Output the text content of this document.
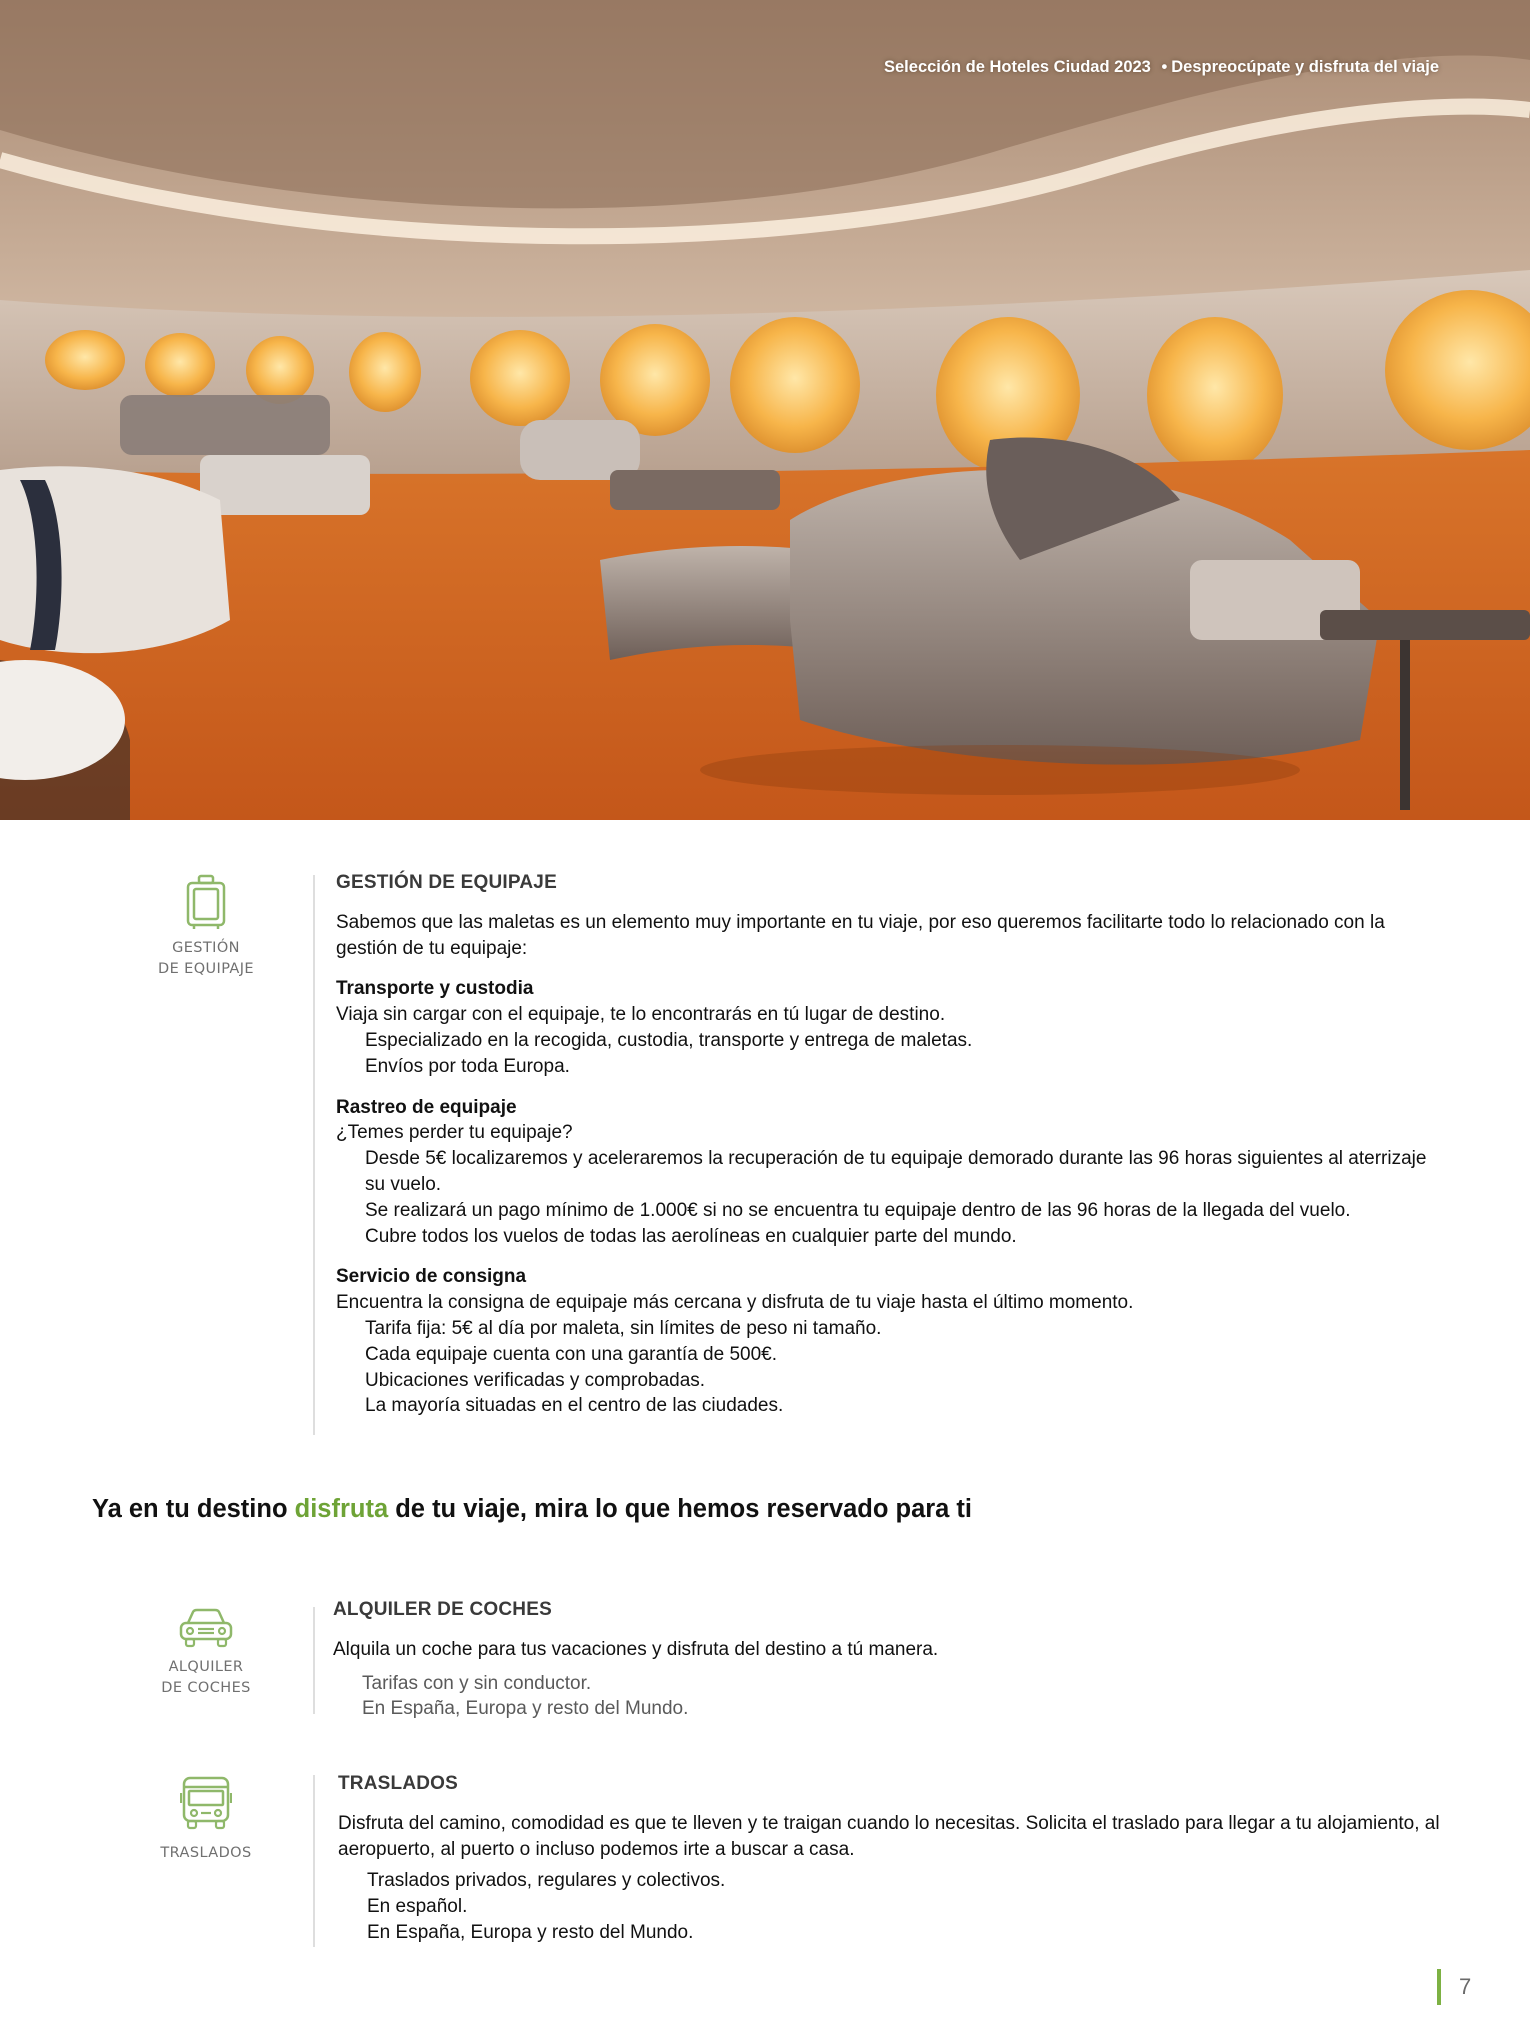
Selección de Hoteles Ciudad 2023 • Despreocúpate y disfruta del viaje
GESTIÓN
DE EQUIPAJE
GESTIÓN DE EQUIPAJE

Sabemos que las maletas es un elemento muy importante en tu viaje, por eso queremos facilitarte todo lo relacionado con la gestión de tu equipaje:

Transporte y custodia
Viaja sin cargar con el equipaje, te lo encontrarás en tú lugar de destino.
Especializado en la recogida, custodia, transporte y entrega de maletas.
Envíos por toda Europa.
Rastreo de equipaje
¿Temes perder tu equipaje?
Desde 5€ localizaremos y aceleraremos la recuperación de tu equipaje demorado durante las 96 horas siguientes al aterrizaje su vuelo.
Se realizará un pago mínimo de 1.000€ si no se encuentra tu equipaje dentro de las 96 horas de la llegada del vuelo.
Cubre todos los vuelos de todas las aerolíneas en cualquier parte del mundo.
Servicio de consigna
Encuentra la consigna de equipaje más cercana y disfruta de tu viaje hasta el último momento.
Tarifa fija: 5€ al día por maleta, sin límites de peso ni tamaño.
Cada equipaje cuenta con una garantía de 500€.
Ubicaciones verificadas y comprobadas.
La mayoría situadas en el centro de las ciudades.
Ya en tu destino disfruta de tu viaje, mira lo que hemos reservado para ti
ALQUILER
DE COCHES
ALQUILER DE COCHES

Alquila un coche para tus vacaciones y disfruta del destino a tú manera.

Tarifas con y sin conductor.
En España, Europa y resto del Mundo.
TRASLADOS
TRASLADOS

Disfruta del camino, comodidad es que te lleven y te traigan cuando lo necesitas. Solicita el traslado para llegar a tu alojamiento, al aeropuerto, al puerto o incluso podemos irte a buscar a casa.

Traslados privados, regulares y colectivos.
En español.
En España, Europa y resto del Mundo.
7
